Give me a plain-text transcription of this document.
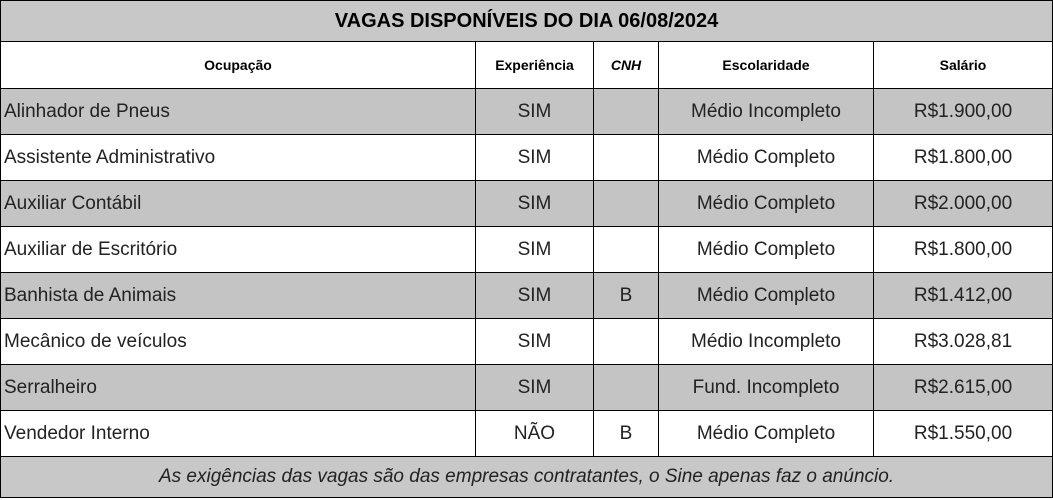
VAGAS DISPONÍVEIS DO DIA 06/08/2024				
Ocupação	Experiência	CNH	Escolaridade	Salário
Alinhador de Pneus	SIM		Médio Incompleto	R$1.900,00
Assistente Administrativo	SIM		Médio Completo	R$1.800,00
Auxiliar Contábil	SIM		Médio Completo	R$2.000,00
Auxiliar de Escritório	SIM		Médio Completo	R$1.800,00
Banhista de Animais	SIM	B	Médio Completo	R$1.412,00
Mecânico de veículos	SIM		Médio Incompleto	R$3.028,81
Serralheiro	SIM		Fund. Incompleto	R$2.615,00
Vendedor Interno	NÃO	B	Médio Completo	R$1.550,00
As exigências das vagas são das empresas contratantes, o Sine apenas faz o anúncio.				
